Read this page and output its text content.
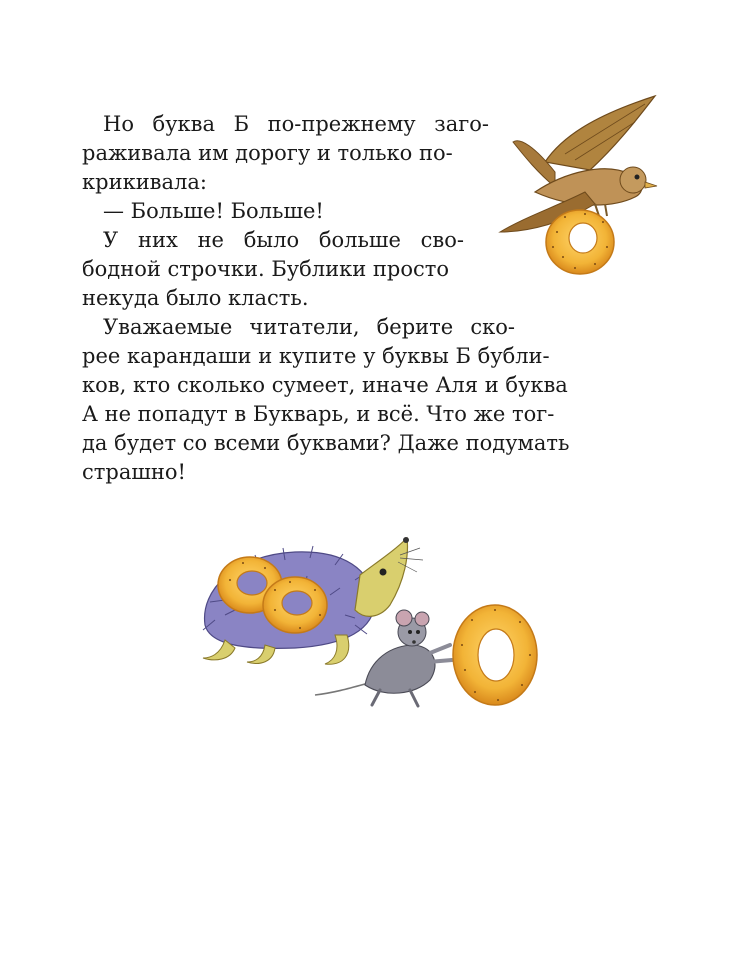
Но буква Б по-прежнему заго-
раживала им дорогу и только по-
крикивала:
— Больше! Больше!
У них не было больше сво-
бодной строчки. Бублики просто
некуда было класть.
Уважаемые читатели, берите ско-
рее карандаши и купите у буквы Б бубли-
ков, кто сколько сумеет, иначе Аля и буква
А не попадут в Букварь, и всё. Что же тог-
да будет со всеми буквами? Даже подумать
страшно!
